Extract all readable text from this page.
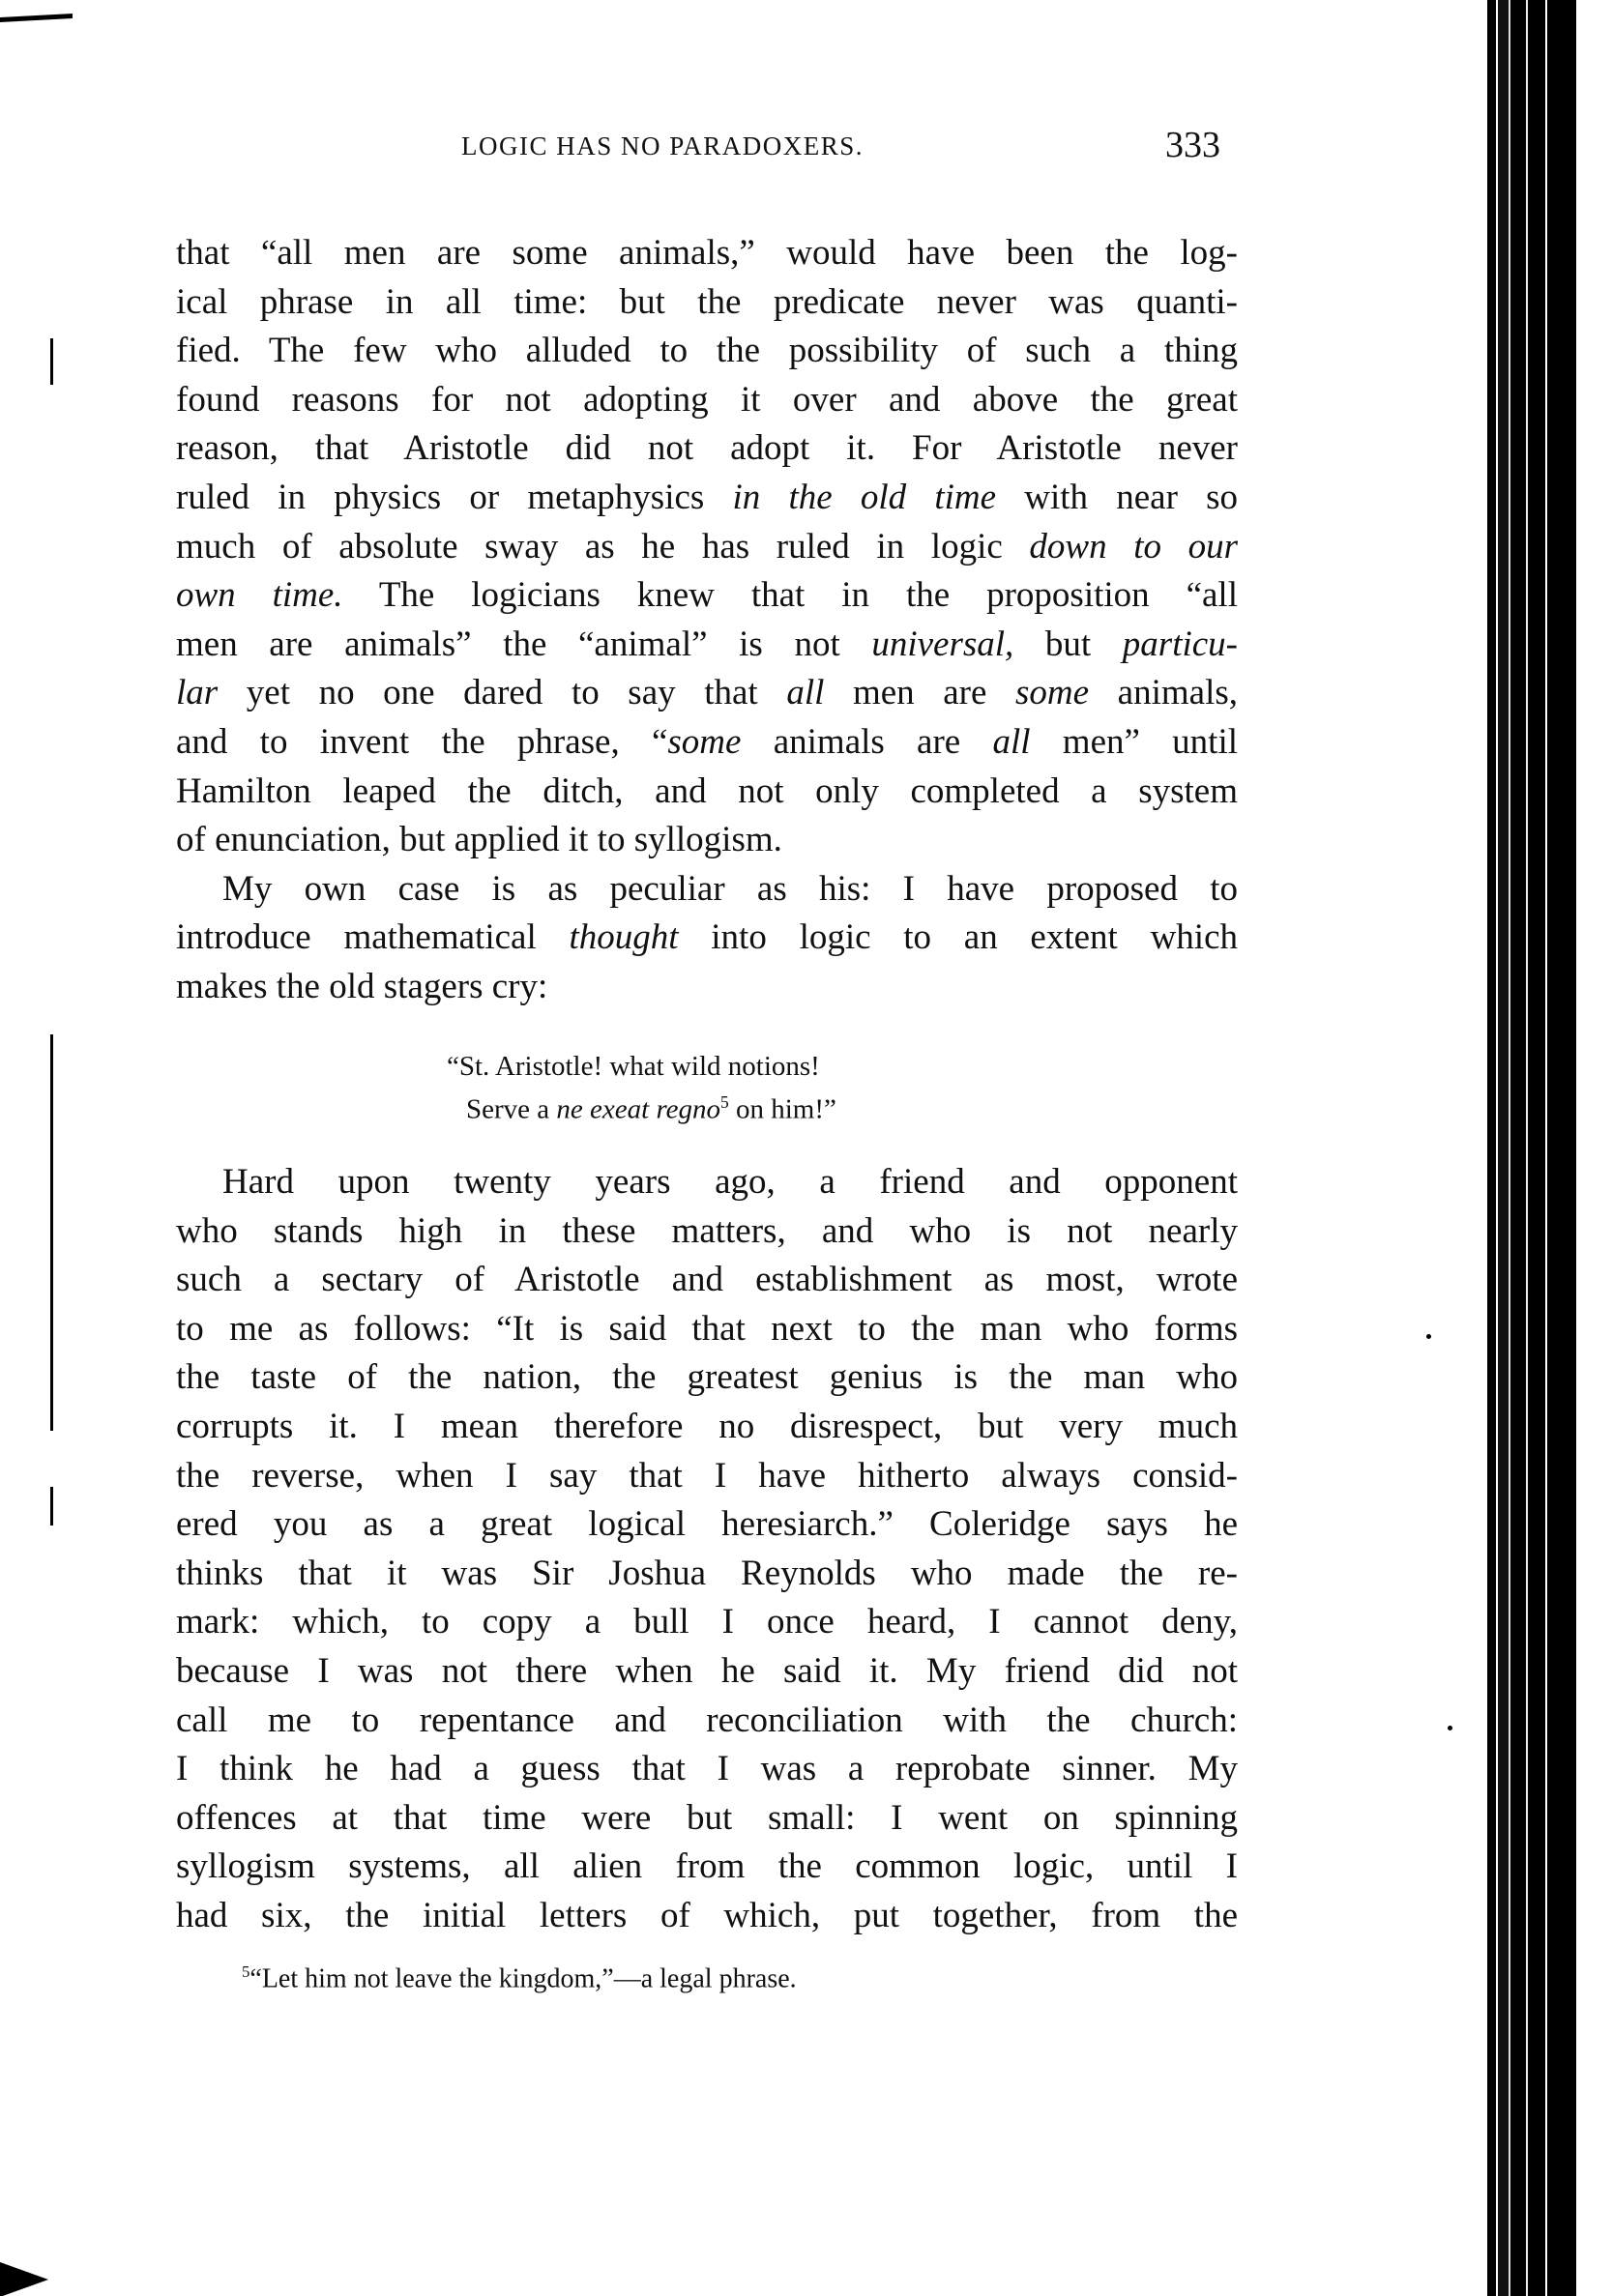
LOGIC HAS NO PARADOXERS.	333
that “all men are some animals,” would have been the log-
ical phrase in all time: but the predicate never was quanti-
fied. The few who alluded to the possibility of such a thing
found reasons for not adopting it over and above the great
reason, that Aristotle did not adopt it. For Aristotle never
ruled in physics or metaphysics in the old time with near so
much of absolute sway as he has ruled in logic down to our
own time. The logicians knew that in the proposition “all
men are animals” the “animal” is not universal, but particu-
lar yet no one dared to say that all men are some animals,
and to invent the phrase, “some animals are all men” until
Hamilton leaped the ditch, and not only completed a system
of enunciation, but applied it to syllogism.
My own case is as peculiar as his: I have proposed to
introduce mathematical thought into logic to an extent which
makes the old stagers cry:
“St. Aristotle! what wild notions!
Serve a ne exeat regno$^5$ on him!”
Hard upon twenty years ago, a friend and opponent
who stands high in these matters, and who is not nearly
such a sectary of Aristotle and establishment as most, wrote
to me as follows: “It is said that next to the man who forms
the taste of the nation, the greatest genius is the man who
corrupts it. I mean therefore no disrespect, but very much
the reverse, when I say that I have hitherto always consid-
ered you as a great logical heresiarch.” Coleridge says he
thinks that it was Sir Joshua Reynolds who made the re-
mark: which, to copy a bull I once heard, I cannot deny,
because I was not there when he said it. My friend did not
call me to repentance and reconciliation with the church:
I think he had a guess that I was a reprobate sinner. My
offences at that time were but small: I went on spinning
syllogism systems, all alien from the common logic, until I
had six, the initial letters of which, put together, from the
$^5$“Let him not leave the kingdom,”—a legal phrase.
